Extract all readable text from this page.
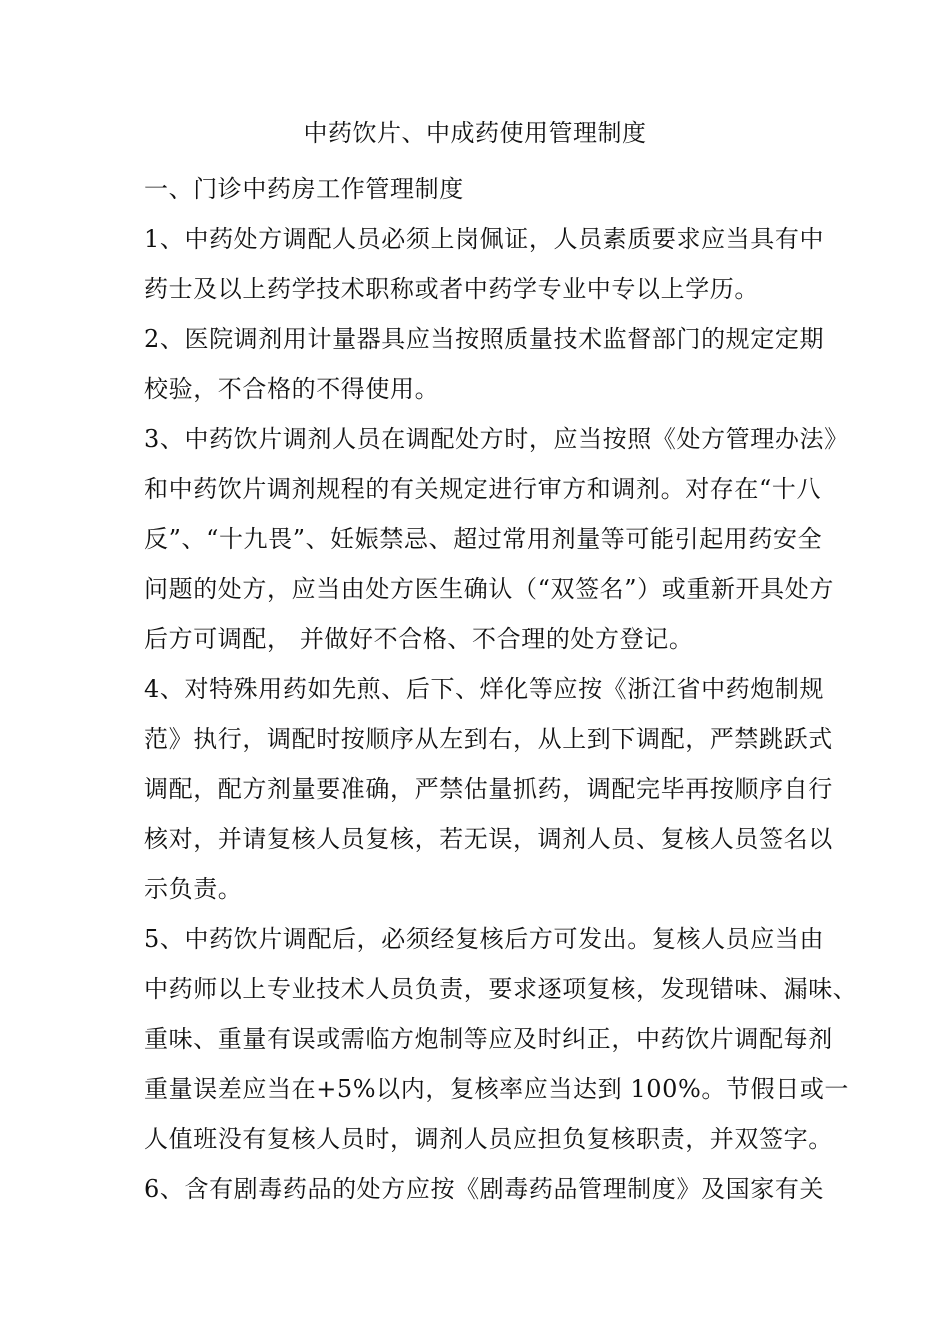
中药饮片、中成药使用管理制度
一、门诊中药房工作管理制度
1、中药处方调配人员必须上岗佩证，人员素质要求应当具有中
药士及以上药学技术职称或者中药学专业中专以上学历。
2、医院调剂用计量器具应当按照质量技术监督部门的规定定期
校验，不合格的不得使用。
3、中药饮片调剂人员在调配处方时，应当按照《处方管理办法》
和中药饮片调剂规程的有关规定进行审方和调剂。对存在“十八
反”、“十九畏”、妊娠禁忌、超过常用剂量等可能引起用药安全
问题的处方，应当由处方医生确认（“双签名”）或重新开具处方
后方可调配， 并做好不合格、不合理的处方登记。
4、对特殊用药如先煎、后下、烊化等应按《浙江省中药炮制规
范》执行，调配时按顺序从左到右，从上到下调配，严禁跳跃式
调配，配方剂量要准确，严禁估量抓药，调配完毕再按顺序自行
核对，并请复核人员复核，若无误，调剂人员、复核人员签名以
示负责。
5、中药饮片调配后，必须经复核后方可发出。复核人员应当由
中药师以上专业技术人员负责，要求逐项复核，发现错味、漏味、
重味、重量有误或需临方炮制等应及时纠正，中药饮片调配每剂
重量误差应当在+5%以内，复核率应当达到 100%。节假日或一
人值班没有复核人员时，调剂人员应担负复核职责，并双签字。
6、含有剧毒药品的处方应按《剧毒药品管理制度》及国家有关
